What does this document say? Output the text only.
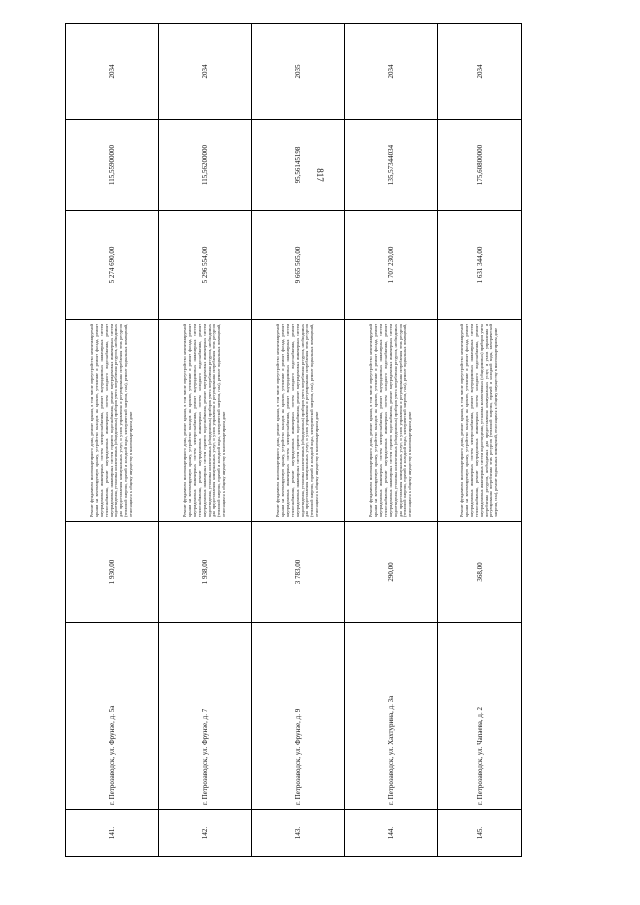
817
141.	г. Петрозаводск, ул. Фрунзе, д. 5а	1 930,00	Ремонт фундамента многоквартирного дома, ремонт крыши, в том числе переустройство невентилируемой крыши на вентилируемую крышу, устройство выходов на кровлю, утепление и ремонт фасада, ремонт внутридомовых инженерных систем электроснабжения, ремонт внутридомовых инженерных систем теплоснабжения, ремонт внутридомовых инженерных систем холодного водоснабжения, ремонт внутридомовых инженерных систем горячего водоснабжения, ремонт внутридомовых инженерных систем водоотведения, установка коллективных (общедомовых) приборов учета потребления ресурсов, необходимых для предоставления коммунальных услуг, и узлов управления и регулирования потребления этих ресурсов (тепловой энергии, горячей и холодной воды, электрической энергии, газа), ремонт подвальных помещений, относящихся к общему имуществу в многоквартирном доме	5 274 690,00	115,55900000	2034
142.	г. Петрозаводск, ул. Фрунзе, д. 7	1 938,00	Ремонт фундамента многоквартирного дома, ремонт крыши, в том числе переустройство невентилируемой крыши на вентилируемую крышу, устройство выходов на кровлю, утепление и ремонт фасада, ремонт внутридомовых инженерных систем электроснабжения, ремонт внутридомовых инженерных систем теплоснабжения, ремонт внутридомовых инженерных систем холодного водоснабжения, ремонт внутридомовых инженерных систем горячего водоснабжения, ремонт внутридомовых инженерных систем водоотведения, установка коллективных (общедомовых) приборов учета потребления ресурсов, необходимых для предоставления коммунальных услуг, и узлов управления и регулирования потребления этих ресурсов (тепловой энергии, горячей и холодной воды, электрической энергии, газа), ремонт подвальных помещений, относящихся к общему имуществу в многоквартирном доме	5 296 554,00	115,56200000	2034
143.	г. Петрозаводск, ул. Фрунзе, д. 9	3 783,00	Ремонт фундамента многоквартирного дома, ремонт крыши, в том числе переустройство невентилируемой крыши на вентилируемую крышу, устройство выходов на кровлю, утепление и ремонт фасада, ремонт внутридомовых инженерных систем электроснабжения, ремонт внутридомовых инженерных систем теплоснабжения, ремонт внутридомовых инженерных систем холодного водоснабжения, ремонт внутридомовых инженерных систем горячего водоснабжения, ремонт внутридомовых инженерных систем водоотведения, установка коллективных (общедомовых) приборов учета потребления ресурсов, необходимых для предоставления коммунальных услуг, и узлов управления и регулирования потребления этих ресурсов (тепловой энергии, горячей и холодной воды, электрической энергии, газа), ремонт подвальных помещений, относящихся к общему имуществу в многоквартирном доме	9 665 565,00	95,56145198	2035
144.	г. Петрозаводск, ул. Хахтурина, д. 3а	290,00	Ремонт фундамента многоквартирного дома, ремонт крыши, в том числе переустройство невентилируемой крыши на вентилируемую крышу, устройство выходов на кровлю, утепление и ремонт фасада, ремонт внутридомовых инженерных систем электроснабжения, ремонт внутридомовых инженерных систем теплоснабжения, ремонт внутридомовых инженерных систем холодного водоснабжения, ремонт внутридомовых инженерных систем горячего водоснабжения, ремонт внутридомовых инженерных систем водоотведения, установка коллективных (общедомовых) приборов учета потребления ресурсов, необходимых для предоставления коммунальных услуг, и узлов управления и регулирования потребления этих ресурсов (тепловой энергии, горячей и холодной воды, электрической энергии, газа), ремонт подвальных помещений, относящихся к общему имуществу в многоквартирном доме	1 707 230,00	135,57344034	2034
145.	г. Петрозаводск, ул. Чапаева, д. 2	368,00	Ремонт фундамента многоквартирного дома, ремонт крыши, в том числе переустройство невентилируемой крыши на вентилируемую крышу, устройство выходов на кровлю, утепление и ремонт фасада, ремонт внутридомовых инженерных систем электроснабжения, ремонт внутридомовых инженерных систем теплоснабжения, ремонт внутридомовых инженерных систем холодного водоснабжения, ремонт внутридомовых инженерных систем водоотведения, установка коллективных (общедомовых) приборов учета потребления ресурсов, необходимых для предоставления коммунальных услуг, и узлов управления и регулирования потребления этих ресурсов (тепловой энергии, горячей и холодной воды, электрической энергии, газа), ремонт подвальных помещений, относящихся к общему имуществу в многоквартирном доме	1 631 344,00	175,60800000	2034
